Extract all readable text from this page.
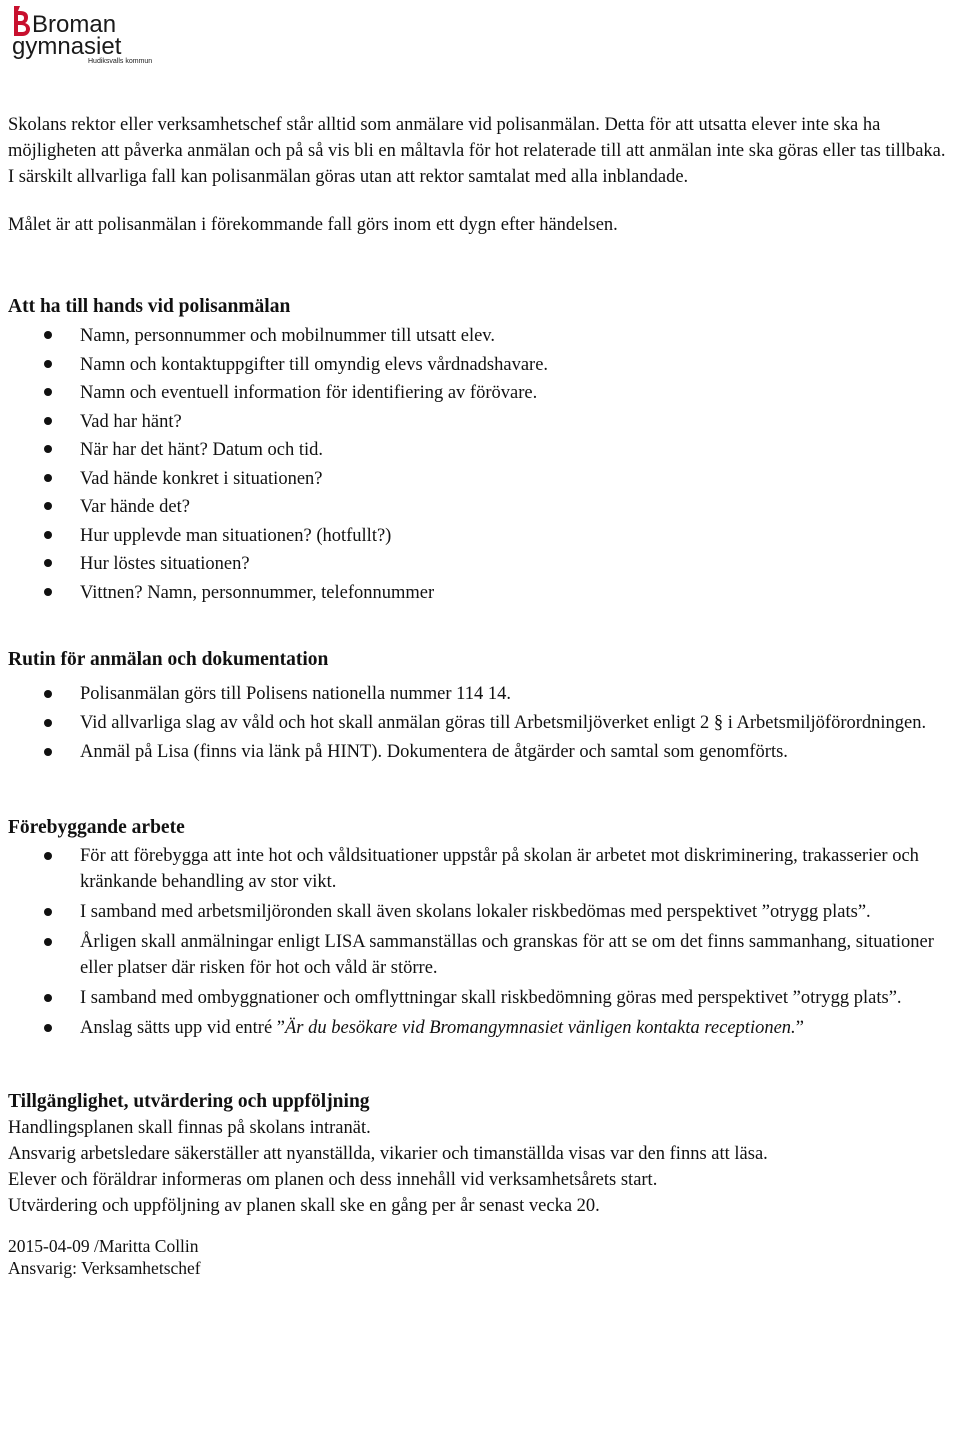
Broman
gymnasiet
Hudiksvalls kommun

Skolans rektor eller verksamhetschef står alltid som anmälare vid polisanmälan. Detta för att utsatta elever inte ska ha möjligheten att påverka anmälan och på så vis bli en måltavla för hot relaterade till att anmälan inte ska göras eller tas tillbaka. I särskilt allvarliga fall kan polisanmälan göras utan att rektor samtalat med alla inblandade.

Målet är att polisanmälan i förekommande fall görs inom ett dygn efter händelsen.

Att ha till hands vid polisanmälan
Namn, personnummer och mobilnummer till utsatt elev.
Namn och kontaktuppgifter till omyndig elevs vårdnadshavare.
Namn och eventuell information för identifiering av förövare.
Vad har hänt?
När har det hänt? Datum och tid.
Vad hände konkret i situationen?
Var hände det?
Hur upplevde man situationen? (hotfullt?)
Hur löstes situationen?
Vittnen? Namn, personnummer, telefonnummer
Rutin för anmälan och dokumentation
Polisanmälan görs till Polisens nationella nummer 114 14.
Vid allvarliga slag av våld och hot skall anmälan göras till Arbetsmiljöverket enligt 2 § i Arbetsmiljöförordningen.
Anmäl på Lisa (finns via länk på HINT). Dokumentera de åtgärder och samtal som genomförts.
Förebyggande arbete
För att förebygga att inte hot och våldsituationer uppstår på skolan är arbetet mot diskriminering, trakasserier och kränkande behandling av stor vikt.
I samband med arbetsmiljöronden skall även skolans lokaler riskbedömas med perspektivet ”otrygg plats”.
Årligen skall anmälningar enligt LISA sammanställas och granskas för att se om det finns sammanhang, situationer eller platser där risken för hot och våld är större.
I samband med ombyggnationer och omflyttningar skall riskbedömning göras med perspektivet ”otrygg plats”.
Anslag sätts upp vid entré ”Är du besökare vid Bromangymnasiet vänligen kontakta receptionen.”
Tillgänglighet, utvärdering och uppföljning

Handlingsplanen skall finnas på skolans intranät.

Ansvarig arbetsledare säkerställer att nyanställda, vikarier och timanställda visas var den finns att läsa.

Elever och föräldrar informeras om planen och dess innehåll vid verksamhetsårets start.

Utvärdering och uppföljning av planen skall ske en gång per år senast vecka 20.

2015-04-09 /Maritta Collin

Ansvarig: Verksamhetschef
